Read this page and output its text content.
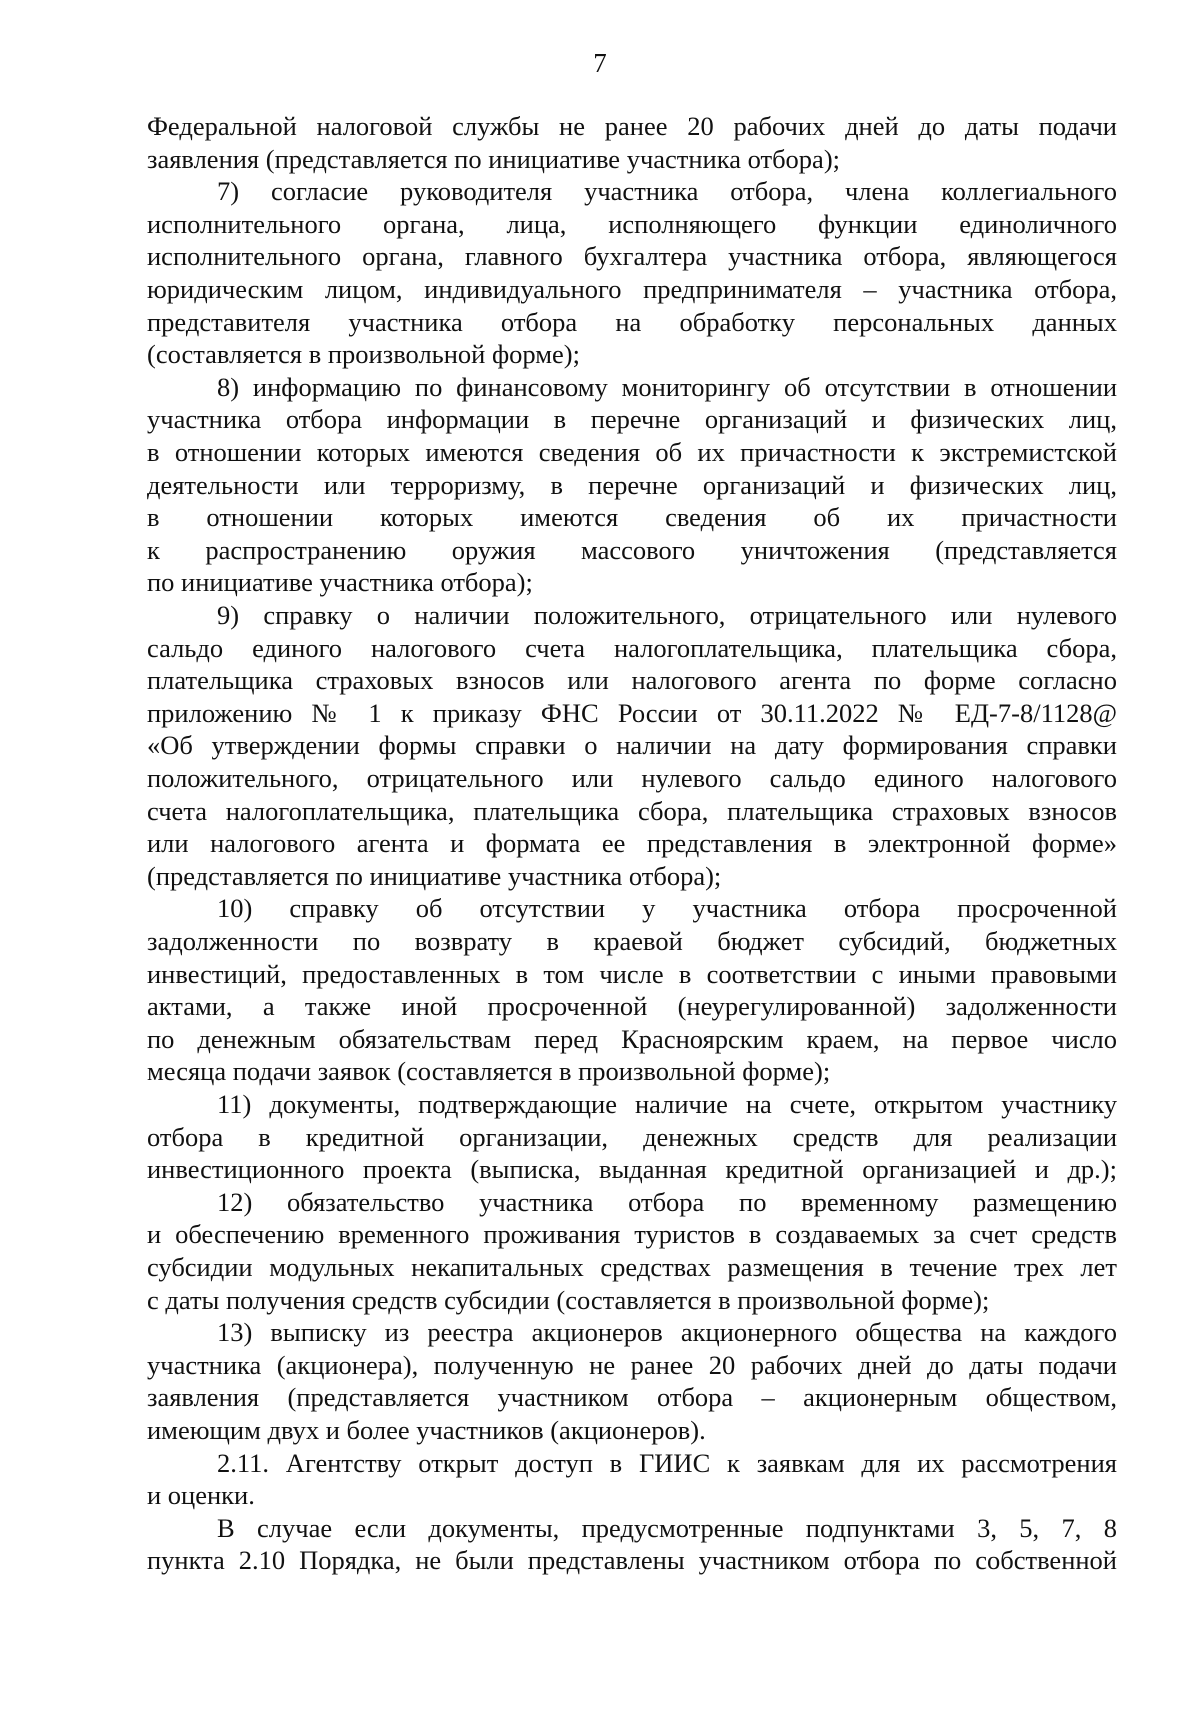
7
Федеральной налоговой службы не ранее 20 рабочих дней до даты подачи
заявления (представляется по инициативе участника отбора);
7) согласие руководителя участника отбора, члена коллегиального
исполнительного органа, лица, исполняющего функции единоличного
исполнительного органа, главного бухгалтера участника отбора, являющегося
юридическим лицом, индивидуального предпринимателя – участника отбора,
представителя участника отбора на обработку персональных данных
(составляется в произвольной форме);
8) информацию по финансовому мониторингу об отсутствии в отношении
участника отбора информации в перечне организаций и физических лиц,
в отношении которых имеются сведения об их причастности к экстремистской
деятельности или терроризму, в перечне организаций и физических лиц,
в отношении которых имеются сведения об их причастности
к распространению оружия массового уничтожения (представляется
по инициативе участника отбора);
9) справку о наличии положительного, отрицательного или нулевого
сальдо единого налогового счета налогоплательщика, плательщика сбора,
плательщика страховых взносов или налогового агента по форме согласно
приложению № 1 к приказу ФНС России от 30.11.2022 № ЕД-7-8/1128@
«Об утверждении формы справки о наличии на дату формирования справки
положительного, отрицательного или нулевого сальдо единого налогового
счета налогоплательщика, плательщика сбора, плательщика страховых взносов
или налогового агента и формата ее представления в электронной форме»
(представляется по инициативе участника отбора);
10) справку об отсутствии у участника отбора просроченной
задолженности по возврату в краевой бюджет субсидий, бюджетных
инвестиций, предоставленных в том числе в соответствии с иными правовыми
актами, а также иной просроченной (неурегулированной) задолженности
по денежным обязательствам перед Красноярским краем, на первое число
месяца подачи заявок (составляется в произвольной форме);
11) документы, подтверждающие наличие на счете, открытом участнику
отбора в кредитной организации, денежных средств для реализации
инвестиционного проекта (выписка, выданная кредитной организацией и др.);
12) обязательство участника отбора по временному размещению
и обеспечению временного проживания туристов в создаваемых за счет средств
субсидии модульных некапитальных средствах размещения в течение трех лет
с даты получения средств субсидии (составляется в произвольной форме);
13) выписку из реестра акционеров акционерного общества на каждого
участника (акционера), полученную не ранее 20 рабочих дней до даты подачи
заявления (представляется участником отбора – акционерным обществом,
имеющим двух и более участников (акционеров).
2.11. Агентству открыт доступ в ГИИС к заявкам для их рассмотрения
и оценки.
В случае если документы, предусмотренные подпунктами 3, 5, 7, 8
пункта 2.10 Порядка, не были представлены участником отбора по собственной
